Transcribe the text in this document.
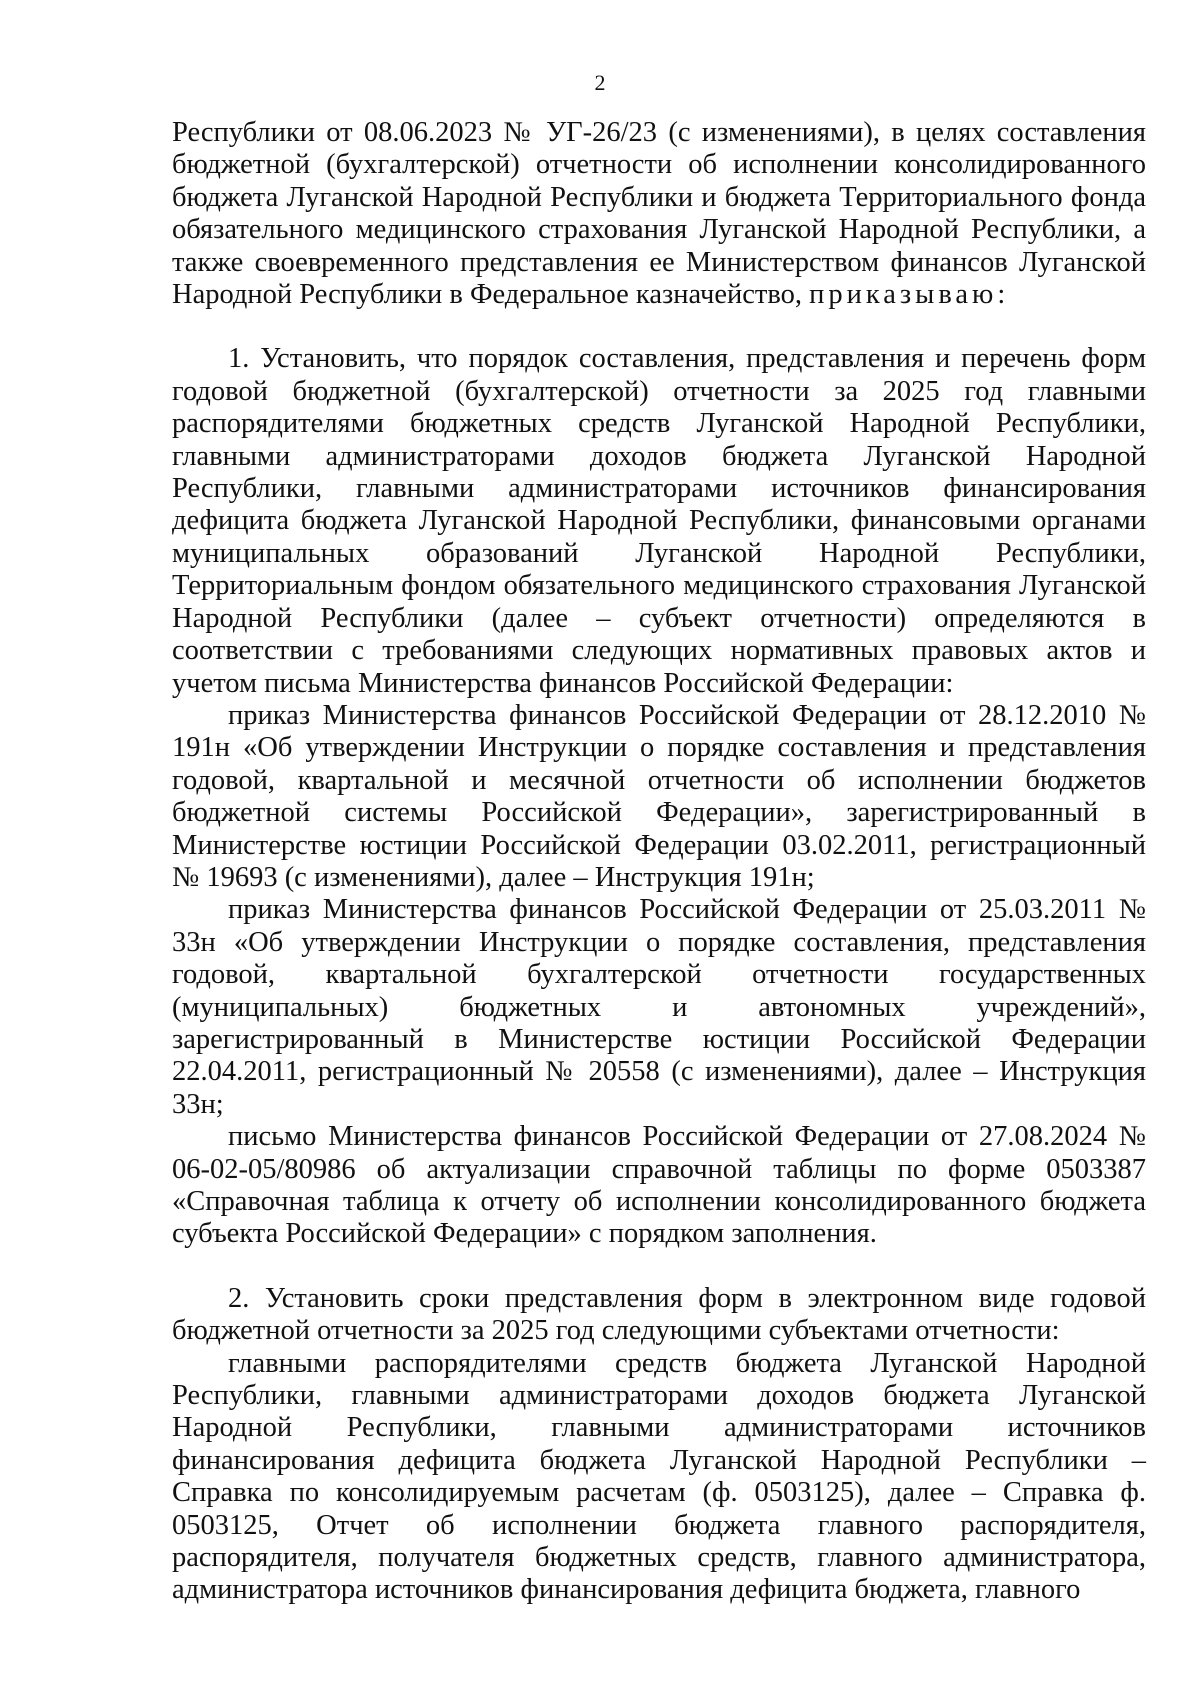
2

Республики от 08.06.2023 № УГ-26/23 (с изменениями), в целях составления бюджетной (бухгалтерской) отчетности об исполнении консолидированного бюджета Луганской Народной Республики и бюджета Территориального фонда обязательного медицинского страхования Луганской Народной Республики, а также своевременного представления ее Министерством финансов Луганской Народной Республики в Федеральное казначейство, приказываю:

1. Установить, что порядок составления, представления и перечень форм годовой бюджетной (бухгалтерской) отчетности за 2025 год главными распорядителями бюджетных средств Луганской Народной Республики, главными администраторами доходов бюджета Луганской Народной Республики, главными администраторами источников финансирования дефицита бюджета Луганской Народной Республики, финансовыми органами муниципальных образований Луганской Народной Республики, Территориальным фондом обязательного медицинского страхования Луганской Народной Республики (далее – субъект отчетности) определяются в соответствии с требованиями следующих нормативных правовых актов и учетом письма Министерства финансов Российской Федерации:

приказ Министерства финансов Российской Федерации от 28.12.2010 № 191н «Об утверждении Инструкции о порядке составления и представления годовой, квартальной и месячной отчетности об исполнении бюджетов бюджетной системы Российской Федерации», зарегистрированный в Министерстве юстиции Российской Федерации 03.02.2011, регистрационный № 19693 (с изменениями), далее – Инструкция 191н;

приказ Министерства финансов Российской Федерации от 25.03.2011 № 33н «Об утверждении Инструкции о порядке составления, представления годовой, квартальной бухгалтерской отчетности государственных (муниципальных) бюджетных и автономных учреждений», зарегистрированный в Министерстве юстиции Российской Федерации 22.04.2011, регистрационный № 20558 (с изменениями), далее – Инструкция 33н;

письмо Министерства финансов Российской Федерации от 27.08.2024 № 06-02-05/80986 об актуализации справочной таблицы по форме 0503387 «Справочная таблица к отчету об исполнении консолидированного бюджета субъекта Российской Федерации» с порядком заполнения.

2. Установить сроки представления форм в электронном виде годовой бюджетной отчетности за 2025 год следующими субъектами отчетности:

главными распорядителями средств бюджета Луганской Народной Республики, главными администраторами доходов бюджета Луганской Народной Республики, главными администраторами источников финансирования дефицита бюджета Луганской Народной Республики – Справка по консолидируемым расчетам (ф. 0503125), далее – Справка ф. 0503125, Отчет об исполнении бюджета главного распорядителя, распорядителя, получателя бюджетных средств, главного администратора, администратора источников финансирования дефицита бюджета, главного
